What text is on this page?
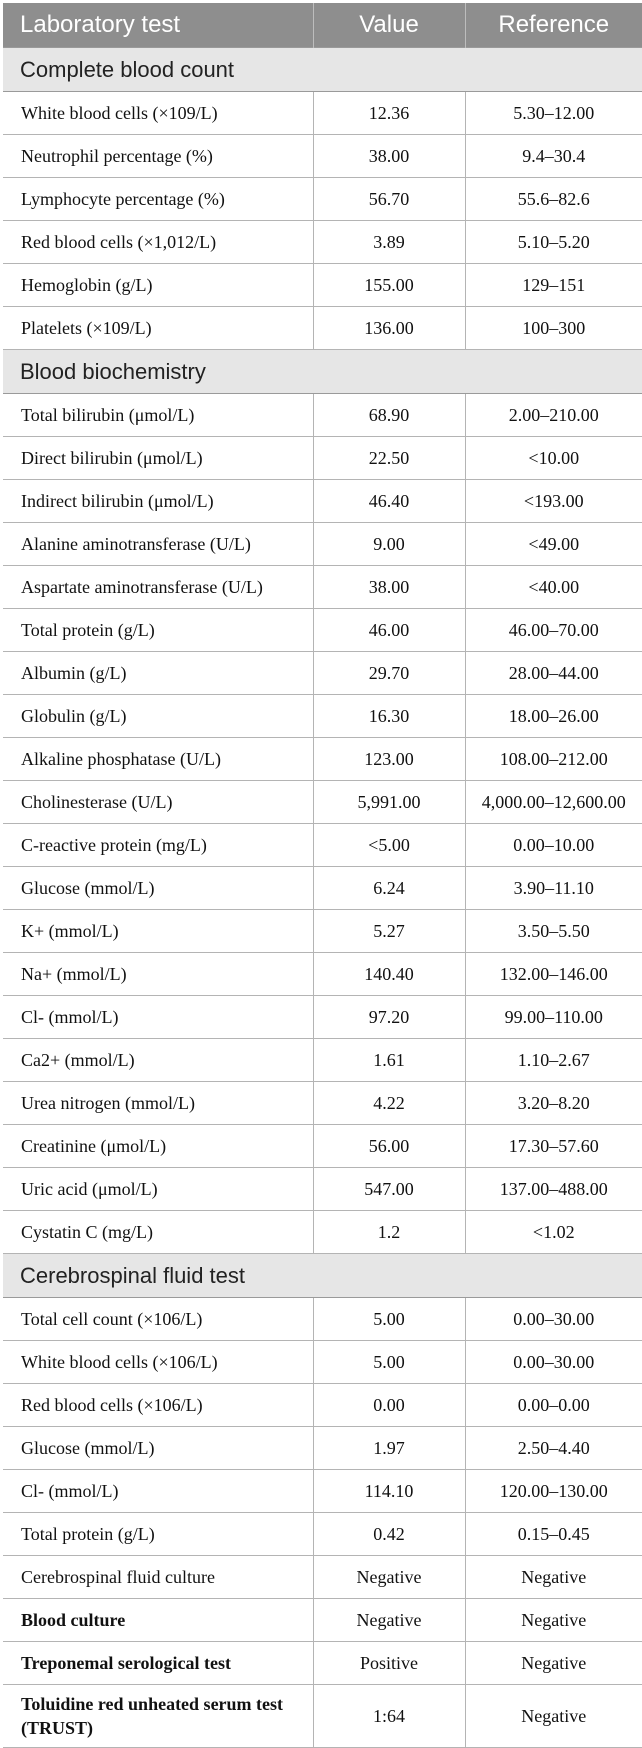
Laboratory test	Value	Reference
Complete blood count		
White blood cells (×109/L)	12.36	5.30–12.00
Neutrophil percentage (%)	38.00	9.4–30.4
Lymphocyte percentage (%)	56.70	55.6–82.6
Red blood cells (×1,012/L)	3.89	5.10–5.20
Hemoglobin (g/L)	155.00	129–151
Platelets (×109/L)	136.00	100–300
Blood biochemistry		
Total bilirubin (μmol/L)	68.90	2.00–210.00
Direct bilirubin (μmol/L)	22.50	<10.00
Indirect bilirubin (μmol/L)	46.40	<193.00
Alanine aminotransferase (U/L)	9.00	<49.00
Aspartate aminotransferase (U/L)	38.00	<40.00
Total protein (g/L)	46.00	46.00–70.00
Albumin (g/L)	29.70	28.00–44.00
Globulin (g/L)	16.30	18.00–26.00
Alkaline phosphatase (U/L)	123.00	108.00–212.00
Cholinesterase (U/L)	5,991.00	4,000.00–12,600.00
C-reactive protein (mg/L)	<5.00	0.00–10.00
Glucose (mmol/L)	6.24	3.90–11.10
K+ (mmol/L)	5.27	3.50–5.50
Na+ (mmol/L)	140.40	132.00–146.00
Cl- (mmol/L)	97.20	99.00–110.00
Ca2+ (mmol/L)	1.61	1.10–2.67
Urea nitrogen (mmol/L)	4.22	3.20–8.20
Creatinine (μmol/L)	56.00	17.30–57.60
Uric acid (μmol/L)	547.00	137.00–488.00
Cystatin C (mg/L)	1.2	<1.02
Cerebrospinal fluid test		
Total cell count (×106/L)	5.00	0.00–30.00
White blood cells (×106/L)	5.00	0.00–30.00
Red blood cells (×106/L)	0.00	0.00–0.00
Glucose (mmol/L)	1.97	2.50–4.40
Cl- (mmol/L)	114.10	120.00–130.00
Total protein (g/L)	0.42	0.15–0.45
Cerebrospinal fluid culture	Negative	Negative
Blood culture	Negative	Negative
Treponemal serological test	Positive	Negative
Toluidine red unheated serum test (TRUST)	1:64	Negative
